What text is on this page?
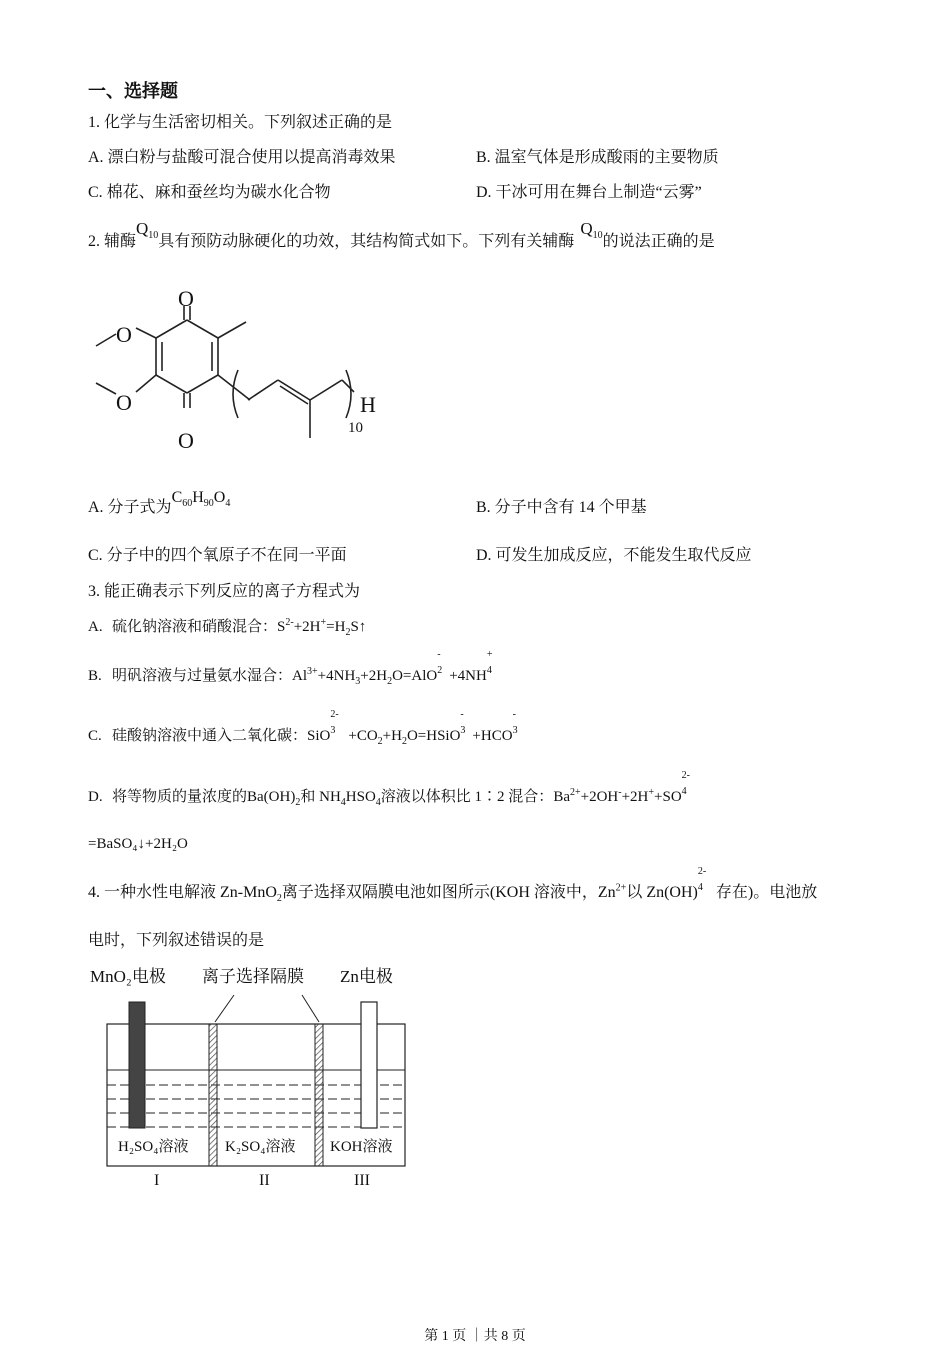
一、选择题
1. 化学与生活密切相关。下列叙述正确的是
A. 漂白粉与盐酸可混合使用以提高消毒效果	B. 温室气体是形成酸雨的主要物质
C. 棉花、麻和蚕丝均为碳水化合物	D. 干冰可用在舞台上制造“云雾”
2. 辅酶$Q^{10}$具有预防动脉硬化的功效，其结构简式如下。下列有关辅酶$Q^{10}$的说法正确的是
O
O
O
O	H
10
A. 分子式为$C_{60}H_{90}O_4$	B. 分子中含有 14 个甲基
C. 分子中的四个氧原子不在同一平面	D. 可发生加成反应，不能发生取代反应
3. 能正确表示下列反应的离子方程式为
A. 硫化钠溶液和硝酸混合：$S^{2-}+2H^+=H_2S↑$
B. 明矾溶液与过量氨水湿合：$Al^{3+}+4NH_3+2H_2O=AlO$
-
2 +4NH
+
4
C. 硅酸钠溶液中通入二氧化碳：SiO
2-
$3 +CO_2+H_2O=HSiO$
-
3 +HCO
-
3
D. 将等物质的量浓度的$Ba(OH)_2$和 $NH_4HSO_4$溶液以体积比 1∶2 混合：$Ba^{2+}+2OH^-+2H^++SO$
2-
4
=BaSO₄↓+2H₂O
4. 一种水性电解液 Zn-MnO$_2$离子选择双隔膜电池如图所示(KOH 溶液中，$Zn^{2+}$以 Zn(OH)
2-
4 存在)。电池放
电时，下列叙述错误的是
MnO₂电极 离子选择隔膜 Zn电极
H₂SO₄溶液 K₂SO₄溶液 KOH溶液
I	II	III
第 1 页 ｜共 8 页
